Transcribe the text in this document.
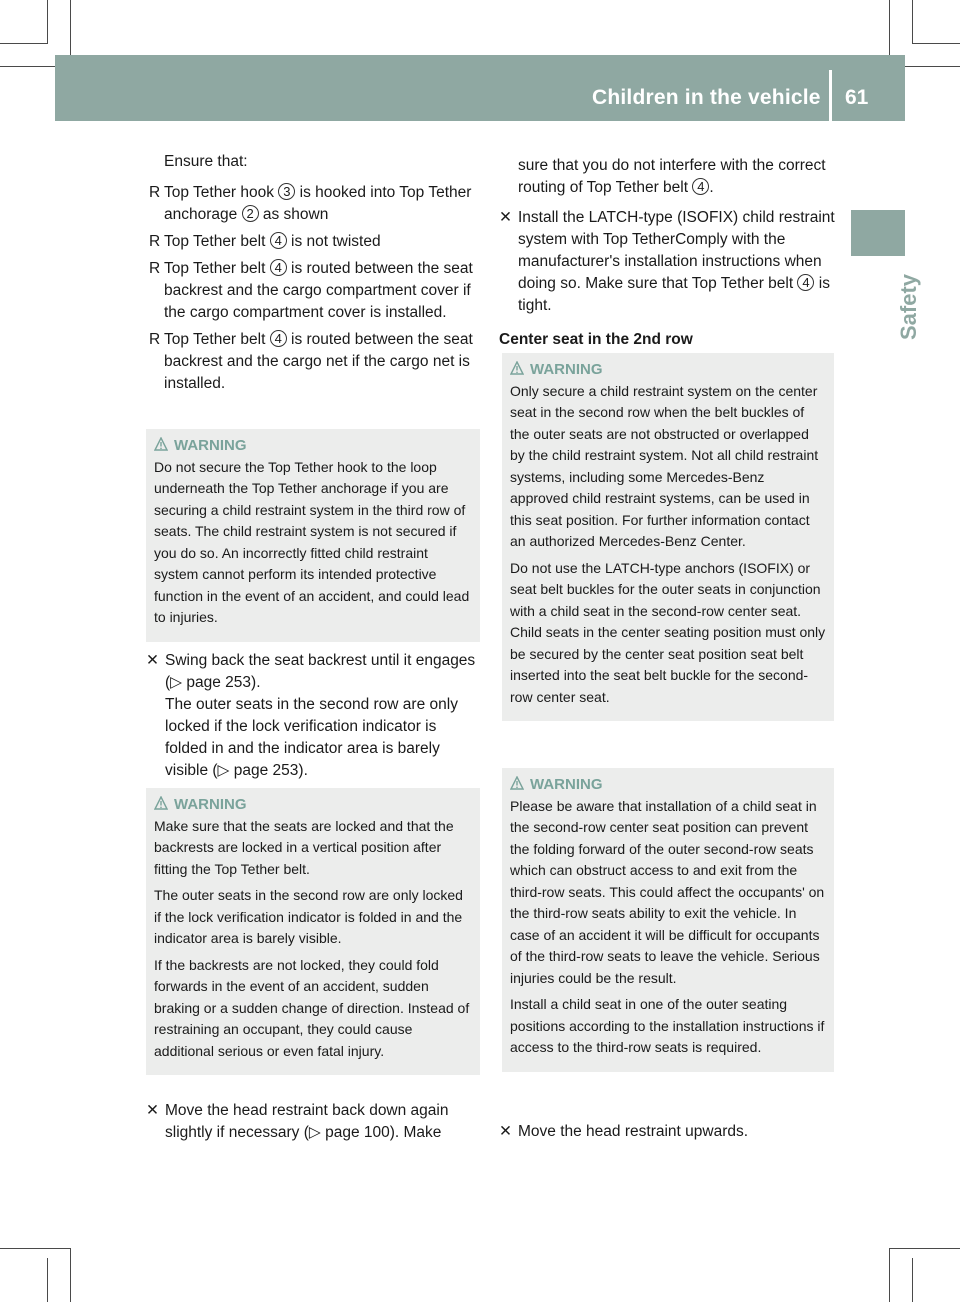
Children in the vehicle 61
Safety

Ensure that:

R Top Tether hook 3 is hooked into Top Tether anchorage 2 as shown
R Top Tether belt 4 is not twisted
R Top Tether belt 4 is routed between the seat backrest and the cargo compartment cover if the cargo compartment cover is installed.
R Top Tether belt 4 is routed between the seat backrest and the cargo net if the cargo net is installed.
WARNING

Do not secure the Top Tether hook to the loop underneath the Top Tether anchorage if you are securing a child restraint system in the third row of seats. The child restraint system is not secured if you do so. An incorrectly fitted child restraint system cannot perform its intended protective function in the event of an accident, and could lead to injuries.

✕ Swing back the seat backrest until it engages (▷ page 253).
The outer seats in the second row are only locked if the lock verification indicator is folded in and the indicator area is barely visible (▷ page 253).
WARNING

Make sure that the seats are locked and that the backrests are locked in a vertical position after fitting the Top Tether belt.

The outer seats in the second row are only locked if the lock verification indicator is folded in and the indicator area is barely visible.

If the backrests are not locked, they could fold forwards in the event of an accident, sudden braking or a sudden change of direction. Instead of restraining an occupant, they could cause additional serious or even fatal injury.

✕ Move the head restraint back down again slightly if necessary (▷ page 100). Make
sure that you do not interfere with the correct routing of Top Tether belt 4 .
✕ Install the LATCH-type (ISOFIX) child restraint system with Top TetherComply with the manufacturer's installation instructions when doing so. Make sure that Top Tether belt 4 is tight.

Center seat in the 2nd row

WARNING

Only secure a child restraint system on the center seat in the second row when the belt buckles of the outer seats are not obstructed or overlapped by the child restraint system. Not all child restraint systems, including some Mercedes-Benz approved child restraint systems, can be used in this seat position. For further information contact an authorized Mercedes-Benz Center.

Do not use the LATCH-type anchors (ISOFIX) or seat belt buckles for the outer seats in conjunction with a child seat in the second-row center seat. Child seats in the center seating position must only be secured by the center seat position seat belt inserted into the seat belt buckle for the second-row center seat.

WARNING

Please be aware that installation of a child seat in the second-row center seat position can prevent the folding forward of the outer second-row seats which can obstruct access to and exit from the third-row seats. This could affect the occupants' on the third-row seats ability to exit the vehicle. In case of an accident it will be difficult for occupants of the third-row seats to leave the vehicle. Serious injuries could be the result.

Install a child seat in one of the outer seating positions according to the installation instructions if access to the third-row seats is required.

✕ Move the head restraint upwards.
